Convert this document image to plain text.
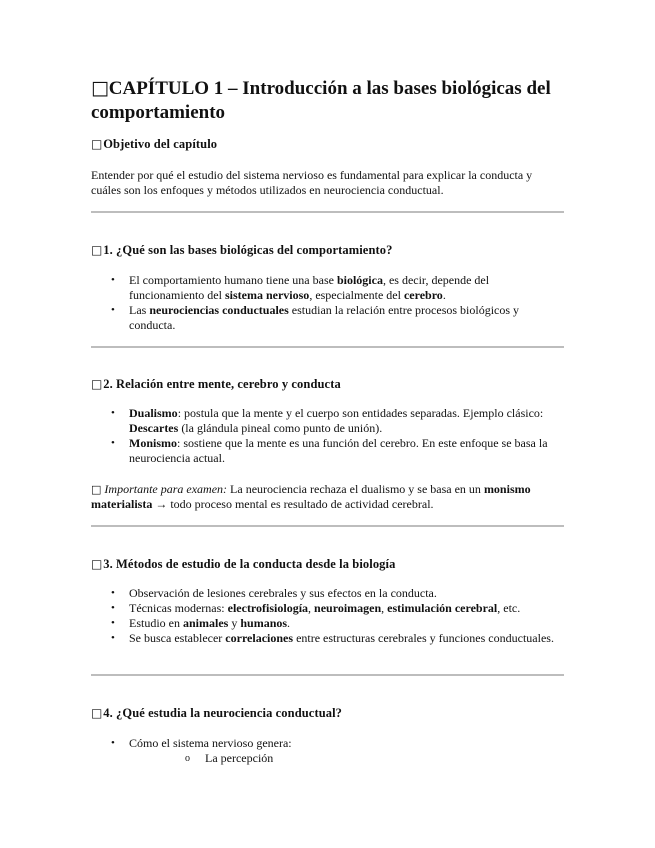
□ CAPÍTULO 1 – Introducción a las bases biológicas del comportamiento
□ Objetivo del capítulo

Entender por qué el estudio del sistema nervioso es fundamental para explicar la conducta y cuáles son los enfoques y métodos utilizados en neurociencia conductual.

□ 1. ¿Qué son las bases biológicas del comportamiento?
• El comportamiento humano tiene una base biológica, es decir, depende del funcionamiento del sistema nervioso, especialmente del cerebro.
• Las neurociencias conductuales estudian la relación entre procesos biológicos y conducta.
□ 2. Relación entre mente, cerebro y conducta
• Dualismo: postula que la mente y el cuerpo son entidades separadas. Ejemplo clásico: Descartes (la glándula pineal como punto de unión).
• Monismo: sostiene que la mente es una función del cerebro. En este enfoque se basa la neurociencia actual.

□ Importante para examen: La neurociencia rechaza el dualismo y se basa en un monismo materialista → todo proceso mental es resultado de actividad cerebral.

□ 3. Métodos de estudio de la conducta desde la biología
• Observación de lesiones cerebrales y sus efectos en la conducta.
• Técnicas modernas: electrofisiología, neuroimagen, estimulación cerebral, etc.
• Estudio en animales y humanos.
• Se busca establecer correlaciones entre estructuras cerebrales y funciones conductuales.
□ 4. ¿Qué estudia la neurociencia conductual?
• Cómo el sistema nervioso genera:
o La percepción
